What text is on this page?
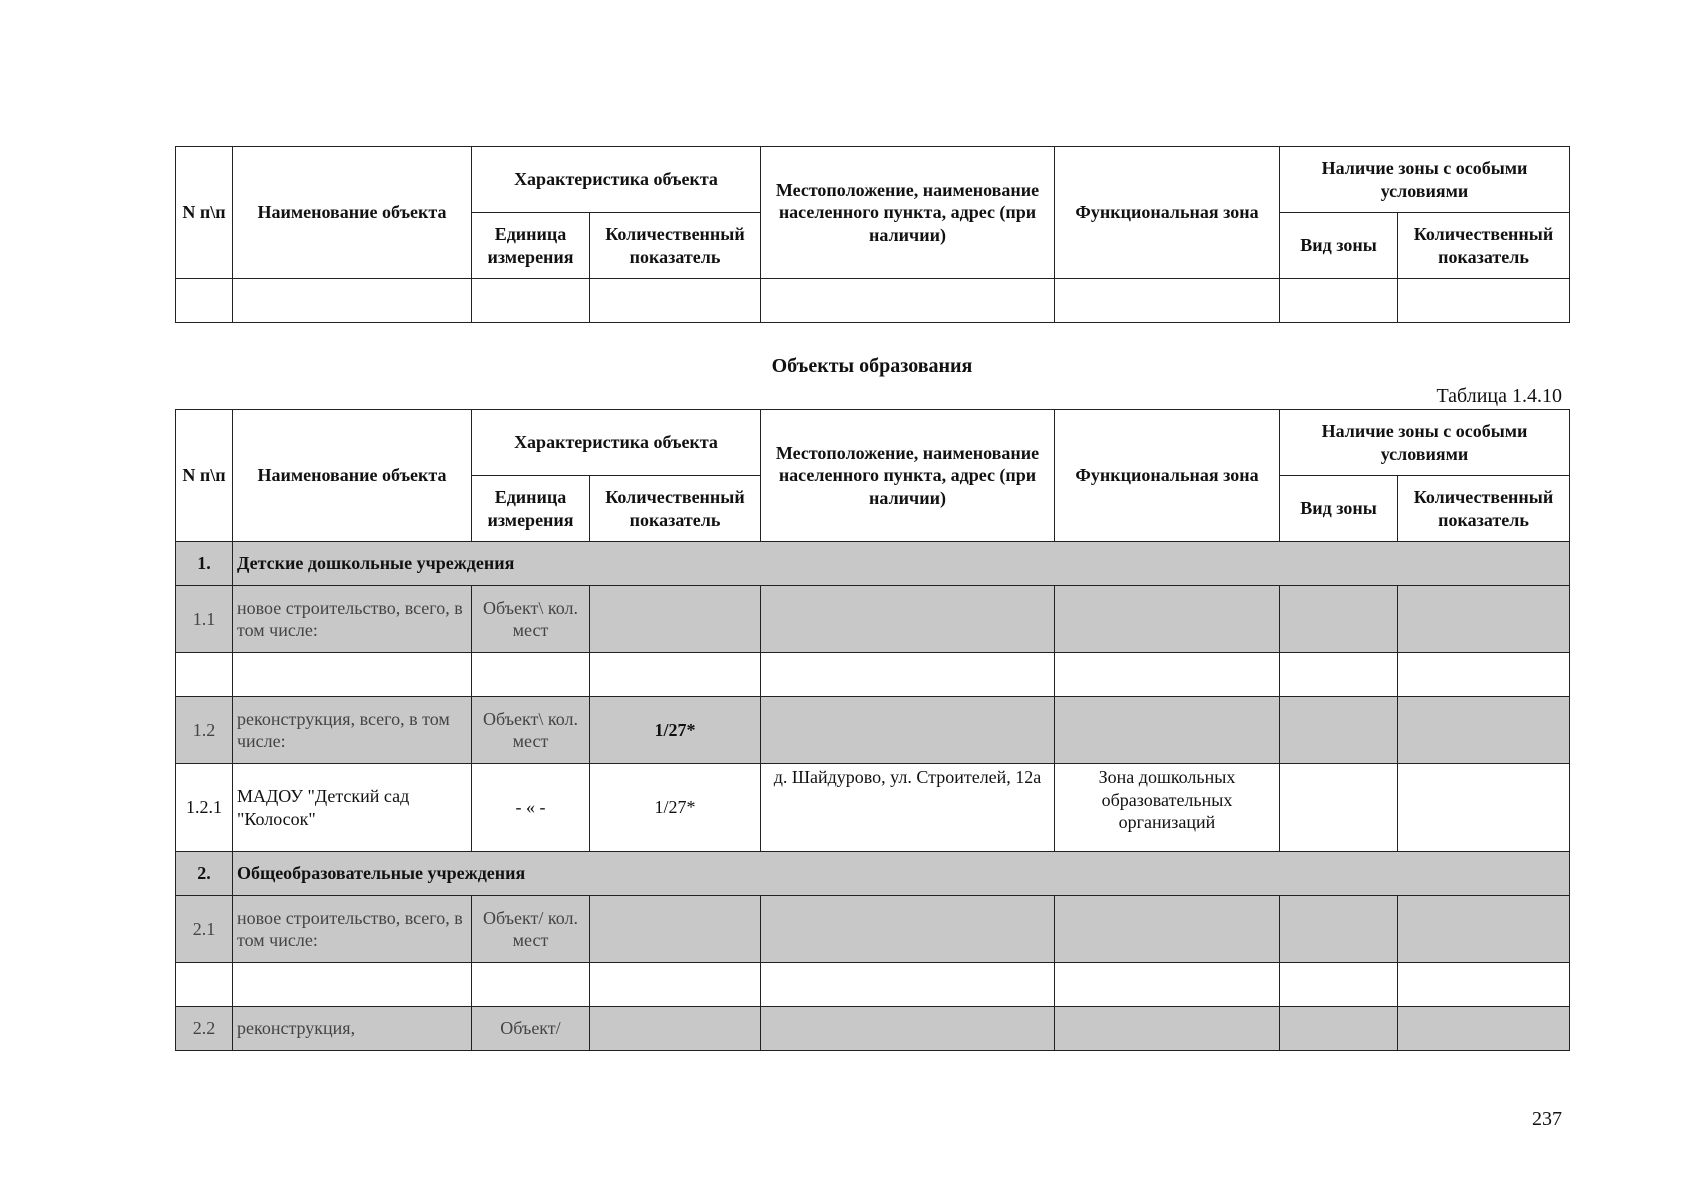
N п\п	Наименование объекта	Характеристика объекта		Местоположение, наименование населенного пункта, адрес (при наличии)	Функциональная зона	Наличие зоны с особыми условиями	
		Единица измерения	Количественный показатель			Вид зоны	Количественный показатель

Объекты образования
Таблица 1.4.10
N п\п	Наименование объекта	Характеристика объекта		Местоположение, наименование населенного пункта, адрес (при наличии)	Функциональная зона	Наличие зоны с особыми условиями	
		Единица измерения	Количественный показатель			Вид зоны	Количественный показатель
1.	Детские дошкольные учреждения						
1.1	новое строительство, всего, в том числе:	Объект\ кол. мест					

1.2	реконструкция, всего, в том числе:	Объект\ кол. мест	1/27*				
1.2.1	МАДОУ "Детский сад "Колосок"	- « -	1/27*	д. Шайдурово, ул. Строителей, 12а	Зона дошкольных образовательных организаций		
2.	Общеобразовательные учреждения						
2.1	новое строительство, всего, в том числе:	Объект/ кол. мест					

2.2	реконструкция,	Объект/					
237
